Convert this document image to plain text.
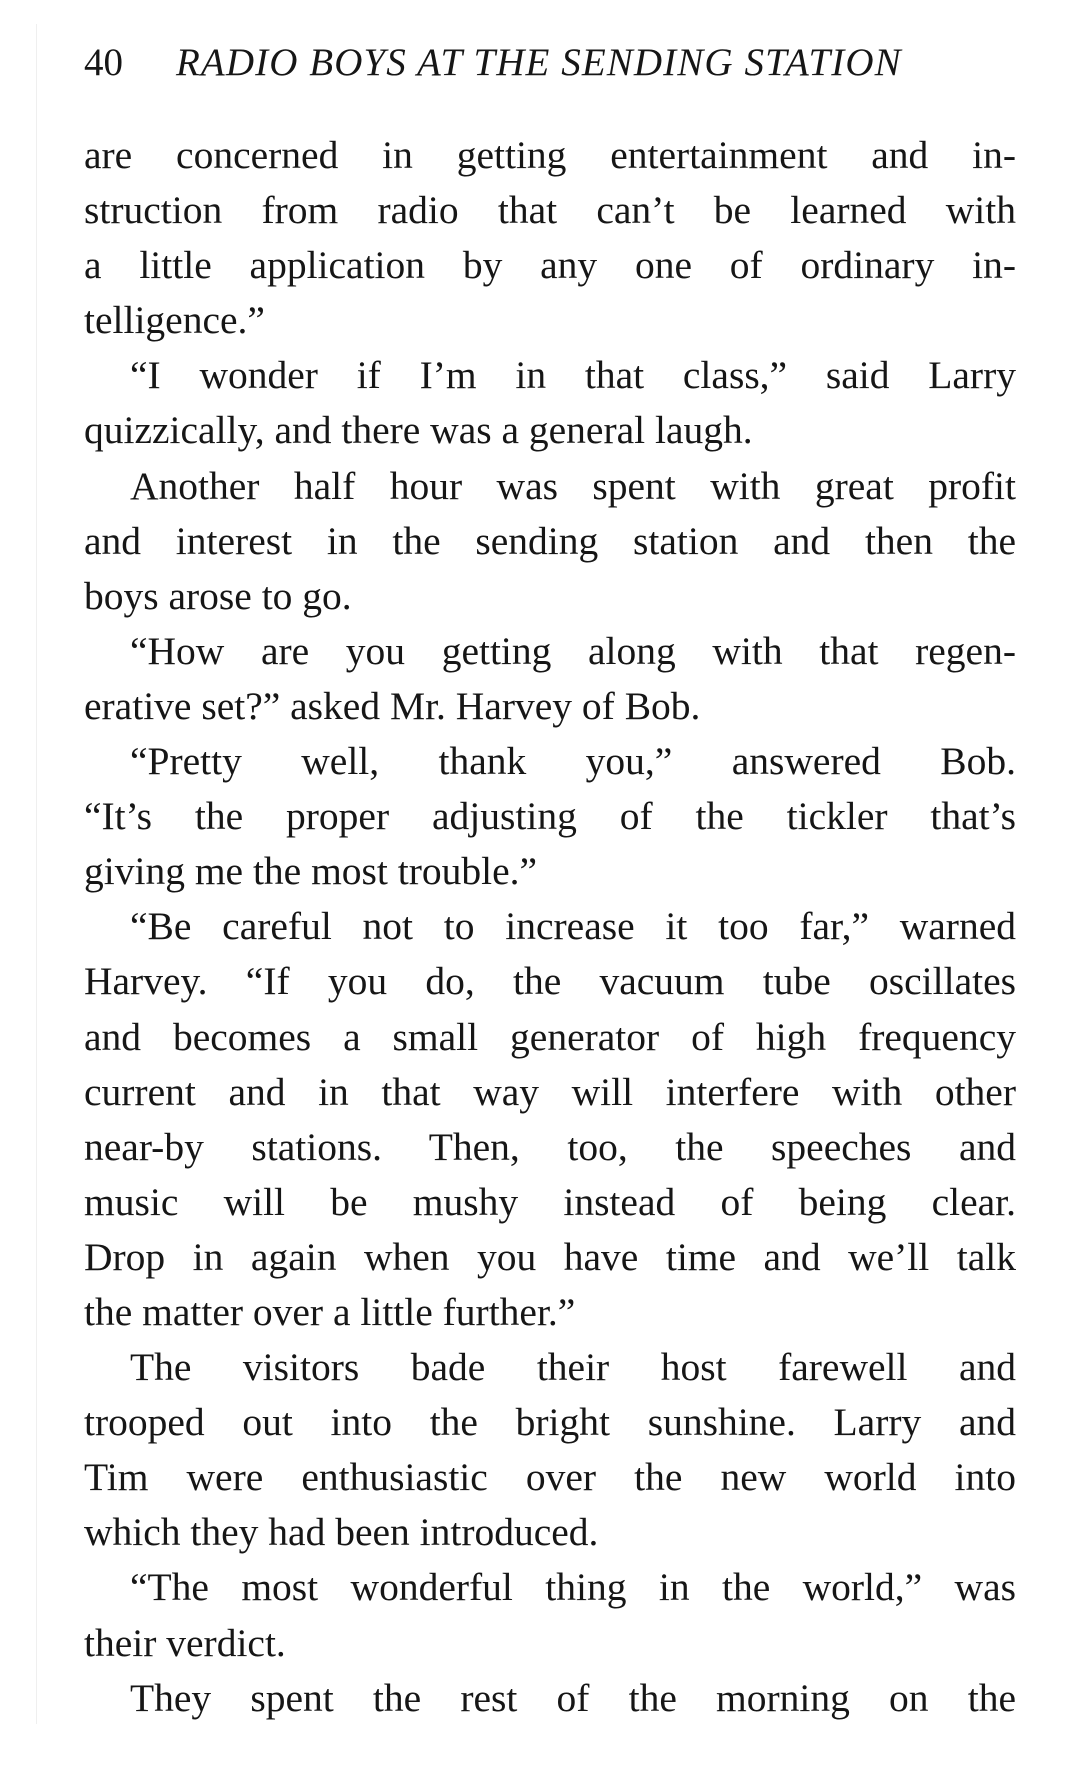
40 RADIO BOYS AT THE SENDING STATION
are concerned in getting entertainment and in-
struction from radio that can’t be learned with
a little application by any one of ordinary in-
telligence.”
“I wonder if I’m in that class,” said Larry
quizzically, and there was a general laugh.
Another half hour was spent with great profit
and interest in the sending station and then the
boys arose to go.
“How are you getting along with that regen-
erative set?” asked Mr. Harvey of Bob.
“Pretty well, thank you,” answered Bob.
“It’s the proper adjusting of the tickler that’s
giving me the most trouble.”
“Be careful not to increase it too far,” warned
Harvey. “If you do, the vacuum tube oscillates
and becomes a small generator of high frequency
current and in that way will interfere with other
near-by stations. Then, too, the speeches and
music will be mushy instead of being clear.
Drop in again when you have time and we’ll talk
the matter over a little further.”
The visitors bade their host farewell and
trooped out into the bright sunshine. Larry and
Tim were enthusiastic over the new world into
which they had been introduced.
“The most wonderful thing in the world,” was
their verdict.
They spent the rest of the morning on the
